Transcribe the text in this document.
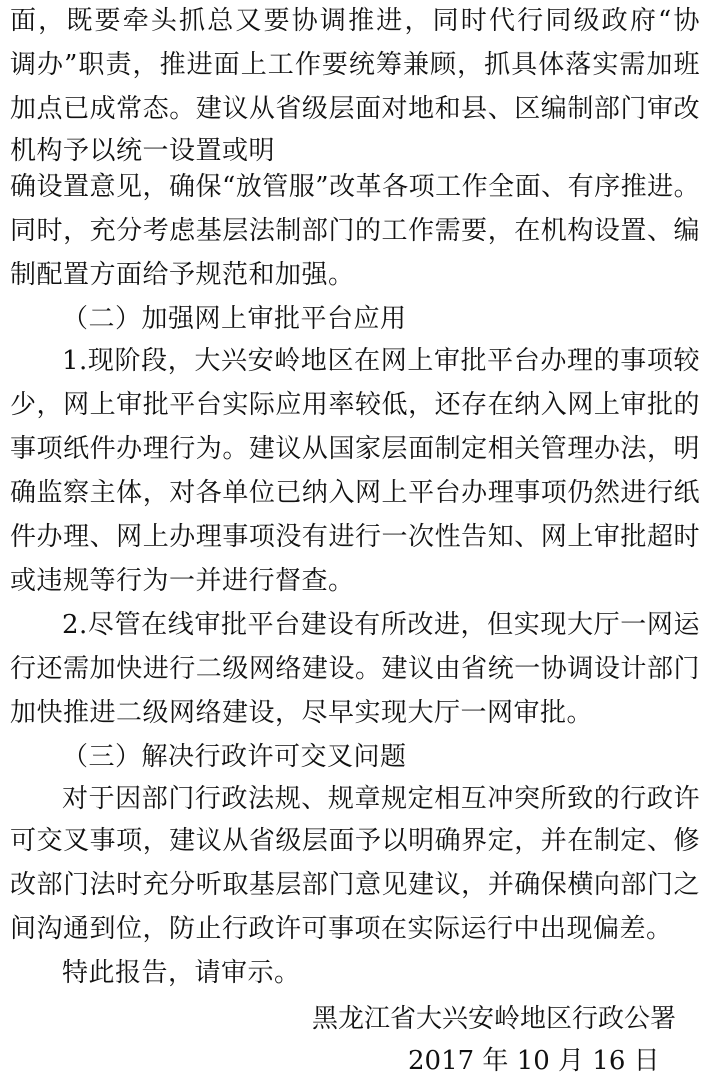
面，既要牵头抓总又要协调推进，同时代行同级政府“协
调办”职责，推进面上工作要统筹兼顾，抓具体落实需加班
加点已成常态。建议从省级层面对地和县、区编制部门审改
机构予以统一设置或明
确设置意见，确保“放管服”改革各项工作全面、有序推进。
同时，充分考虑基层法制部门的工作需要，在机构设置、编
制配置方面给予规范和加强。
（二）加强网上审批平台应用
1.现阶段，大兴安岭地区在网上审批平台办理的事项较
少，网上审批平台实际应用率较低，还存在纳入网上审批的
事项纸件办理行为。建议从国家层面制定相关管理办法，明
确监察主体，对各单位已纳入网上平台办理事项仍然进行纸
件办理、网上办理事项没有进行一次性告知、网上审批超时
或违规等行为一并进行督查。
2.尽管在线审批平台建设有所改进，但实现大厅一网运
行还需加快进行二级网络建设。建议由省统一协调设计部门
加快推进二级网络建设，尽早实现大厅一网审批。
（三）解决行政许可交叉问题
对于因部门行政法规、规章规定相互冲突所致的行政许
可交叉事项，建议从省级层面予以明确界定，并在制定、修
改部门法时充分听取基层部门意见建议，并确保横向部门之
间沟通到位，防止行政许可事项在实际运行中出现偏差。
特此报告，请审示。
黑龙江省大兴安岭地区行政公署
2017 年 10 月 16 日
